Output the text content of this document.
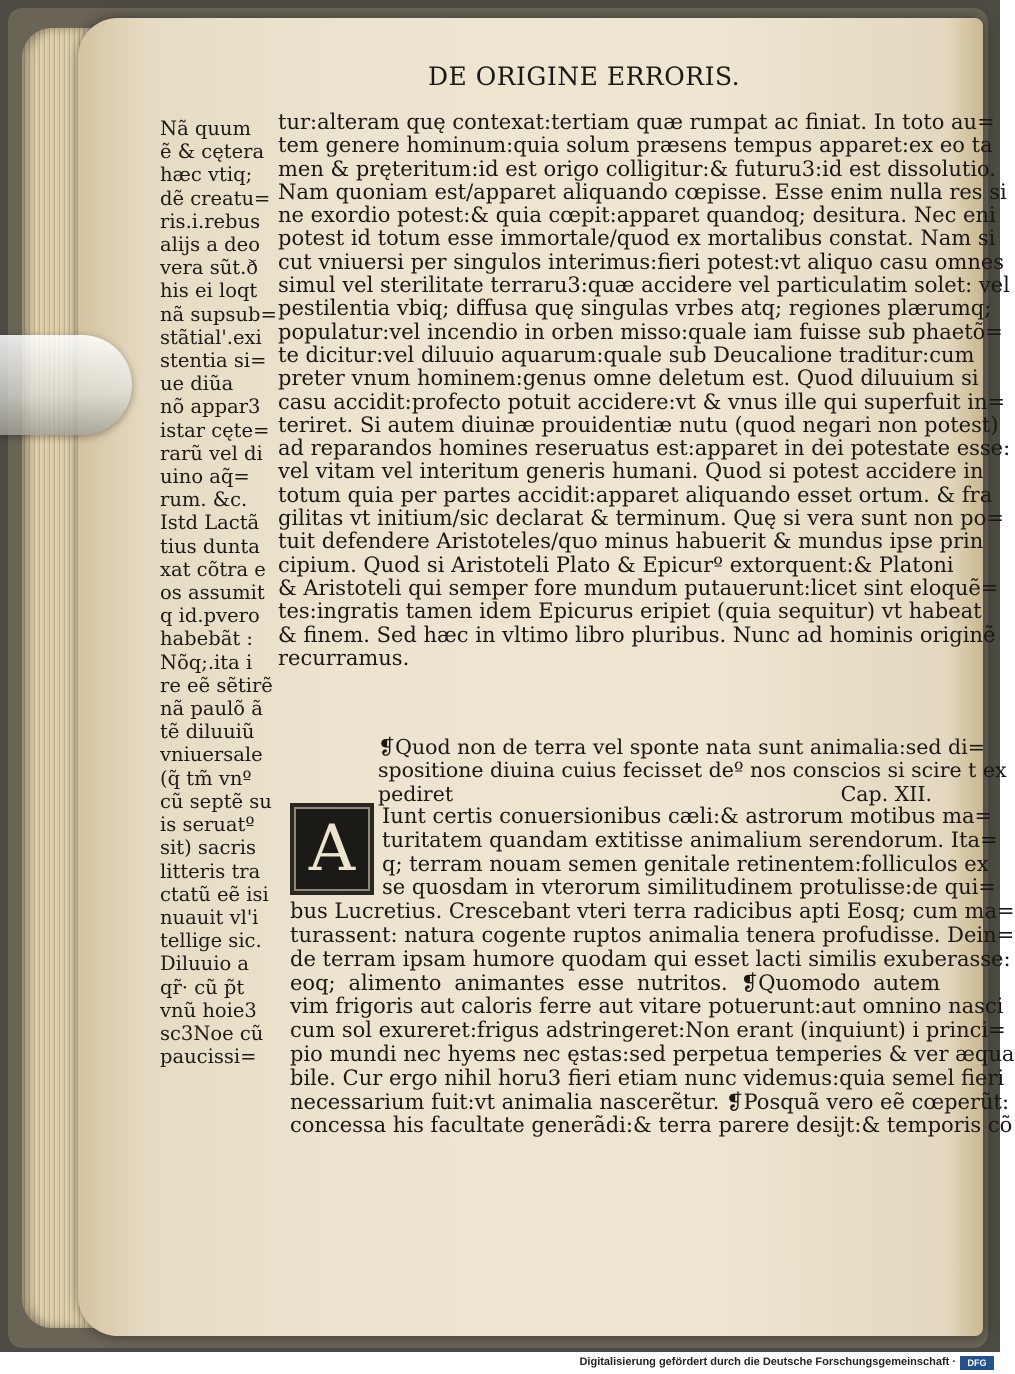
DE ORIGINE ERRORIS.
Nã quum
ẽ & cętera
hæc vtiq;
dẽ creatu=
ris.i.rebus
alijs a deo
vera sũt.ð
his ei loqt
nã supsub=
stãtial'.exi
stentia si=
ue diũa
nõ appar3
istar cęte=
rarũ vel di
uino aq̃=
rum. &c.
Istd Lactã
tius dunta
xat cõtra e
os assumit
q id.pvero
habebãt :
Nõq;.ita i
re eẽ sẽtirẽ
nã paulõ ã
tẽ diluuiũ
vniuersale
(q̃ tm̃ vnº
cũ septẽ su
is seruatº
sit) sacris
litteris tra
ctatũ eẽ isi
nuauit vl'i
tellige sic.
Diluuio a
qr̃· cũ p̃t
vnũ hoie3
sc3Noe cũ
paucissi=
tur:alteram quę contexat:tertiam quæ rumpat ac finiat. In toto au=
tem genere hominum:quia solum præsens tempus apparet:ex eo ta
men & pręteritum:id est origo colligitur:& futuru3:id est dissolutio.
Nam quoniam est/apparet aliquando cœpisse. Esse enim nulla res si
ne exordio potest:& quia cœpit:apparet quandoq; desitura. Nec eni
potest id totum esse immortale/quod ex mortalibus constat. Nam si
cut vniuersi per singulos interimus:fieri potest:vt aliquo casu omnes
simul vel sterilitate terraru3:quæ accidere vel particulatim solet: vel
pestilentia vbiq; diffusa quę singulas vrbes atq; regiones plærumq;
populatur:vel incendio in orben misso:quale iam fuisse sub phaetõ=
te dicitur:vel diluuio aquarum:quale sub Deucalione traditur:cum
preter vnum hominem:genus omne deletum est. Quod diluuium si
casu accidit:profecto potuit accidere:vt & vnus ille qui superfuit in=
teriret. Si autem diuinæ prouidentiæ nutu (quod negari non potest)
ad reparandos homines reseruatus est:apparet in dei potestate esse:
vel vitam vel interitum generis humani. Quod si potest accidere in
totum quia per partes accidit:apparet aliquando esset ortum. & fra
gilitas vt initium/sic declarat & terminum. Quę si vera sunt non po=
tuit defendere Aristoteles/quo minus habuerit & mundus ipse prin
cipium. Quod si Aristoteli Plato & Epicurº extorquent:& Platoni
& Aristoteli qui semper fore mundum putauerunt:licet sint eloquẽ=
tes:ingratis tamen idem Epicurus eripiet (quia sequitur) vt habeat
& finem. Sed hæc in vltimo libro pluribus. Nunc ad hominis originẽ
recurramus.
❡Quod non de terra vel sponte nata sunt animalia:sed di=
spositione diuina cuius fecisset deº nos conscios si scire t ex
pediret	Cap. XII.
A	Iunt certis conuersionibus cæli:& astrorum motibus ma=
turitatem quandam extitisse animalium serendorum. Ita=
q; terram nouam semen genitale retinentem:folliculos ex
se quosdam in vterorum similitudinem protulisse:de qui=
bus Lucretius. Crescebant vteri terra radicibus apti Eosq; cum ma=
turassent: natura cogente ruptos animalia tenera profudisse. Dein=
de terram ipsam humore quodam qui esset lacti similis exuberasse:
eoq; alimento animantes esse nutritos. ❡Quomodo autem
vim frigoris aut caloris ferre aut vitare potuerunt:aut omnino nasci
cum sol exureret:frigus adstringeret:Non erant (inquiunt) i princi=
pio mundi nec hyems nec ęstas:sed perpetua temperies & ver æqua
bile. Cur ergo nihil horu3 fieri etiam nunc videmus:quia semel fieri
necessarium fuit:vt animalia nascerẽtur. ❡Posquã vero eẽ cœperũt:
concessa his facultate generãdi:& terra parere desijt:& temporis cõ
Digitalisierung gefördert durch die Deutsche Forschungsgemeinschaft ·	DFG
